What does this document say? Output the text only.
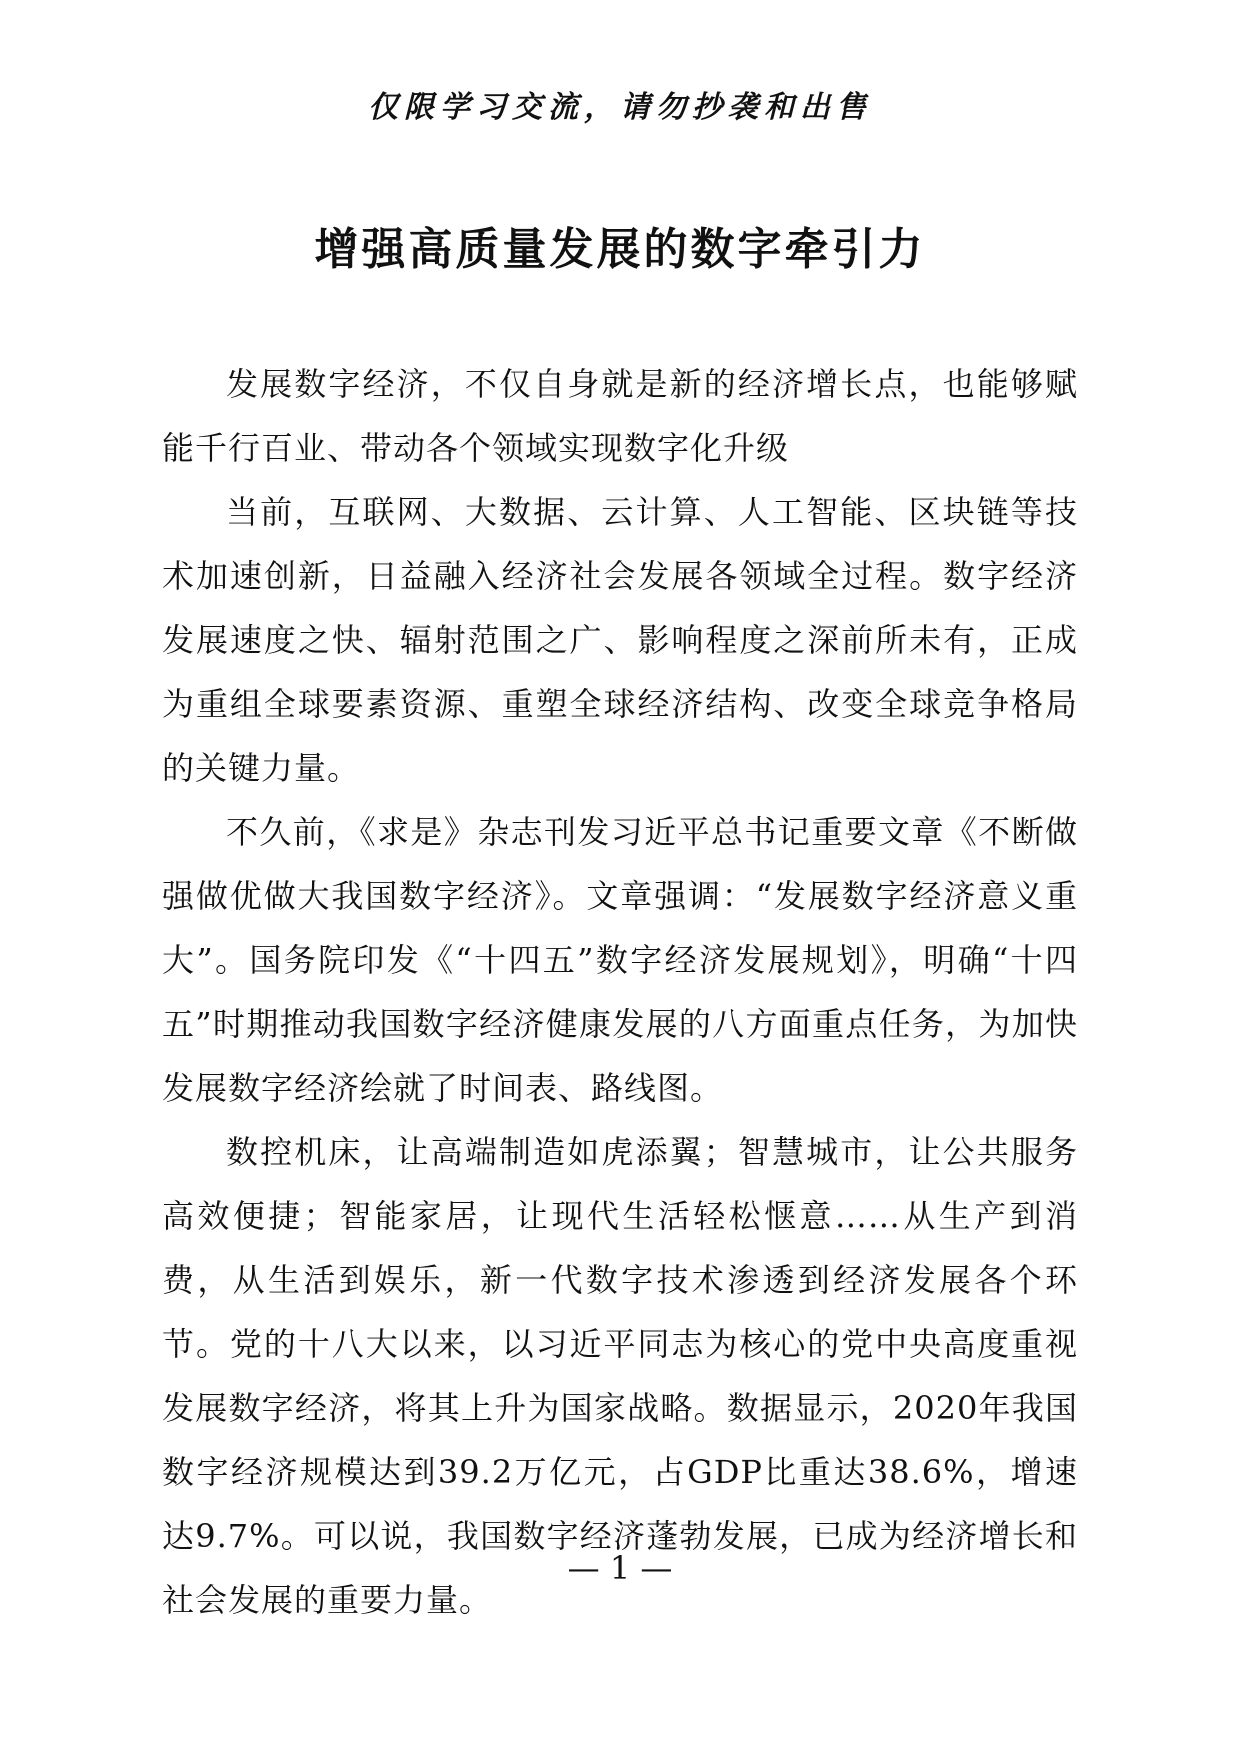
仅限学习交流，请勿抄袭和出售
增强高质量发展的数字牵引力

发展数字经济，不仅自身就是新的经济增长点，也能够赋能千行百业、带动各个领域实现数字化升级

当前，互联网、大数据、云计算、人工智能、区块链等技术加速创新，日益融入经济社会发展各领域全过程。数字经济发展速度之快、辐射范围之广、影响程度之深前所未有，正成为重组全球要素资源、重塑全球经济结构、改变全球竞争格局的关键力量。

不久前，《求是》杂志刊发习近平总书记重要文章《不断做强做优做大我国数字经济》。文章强调：“发展数字经济意义重大”。国务院印发《“十四五”数字经济发展规划》，明确“十四五”时期推动我国数字经济健康发展的八方面重点任务，为加快发展数字经济绘就了时间表、路线图。

数控机床，让高端制造如虎添翼；智慧城市，让公共服务高效便捷；智能家居，让现代生活轻松惬意……从生产到消费，从生活到娱乐，新一代数字技术渗透到经济发展各个环节。党的十八大以来，以习近平同志为核心的党中央高度重视发展数字经济，将其上升为国家战略。数据显示，2020年我国数字经济规模达到39.2万亿元，占GDP比重达38.6%，增速达9.7%。可以说，我国数字经济蓬勃发展，已成为经济增长和社会发展的重要力量。

— 1 —
